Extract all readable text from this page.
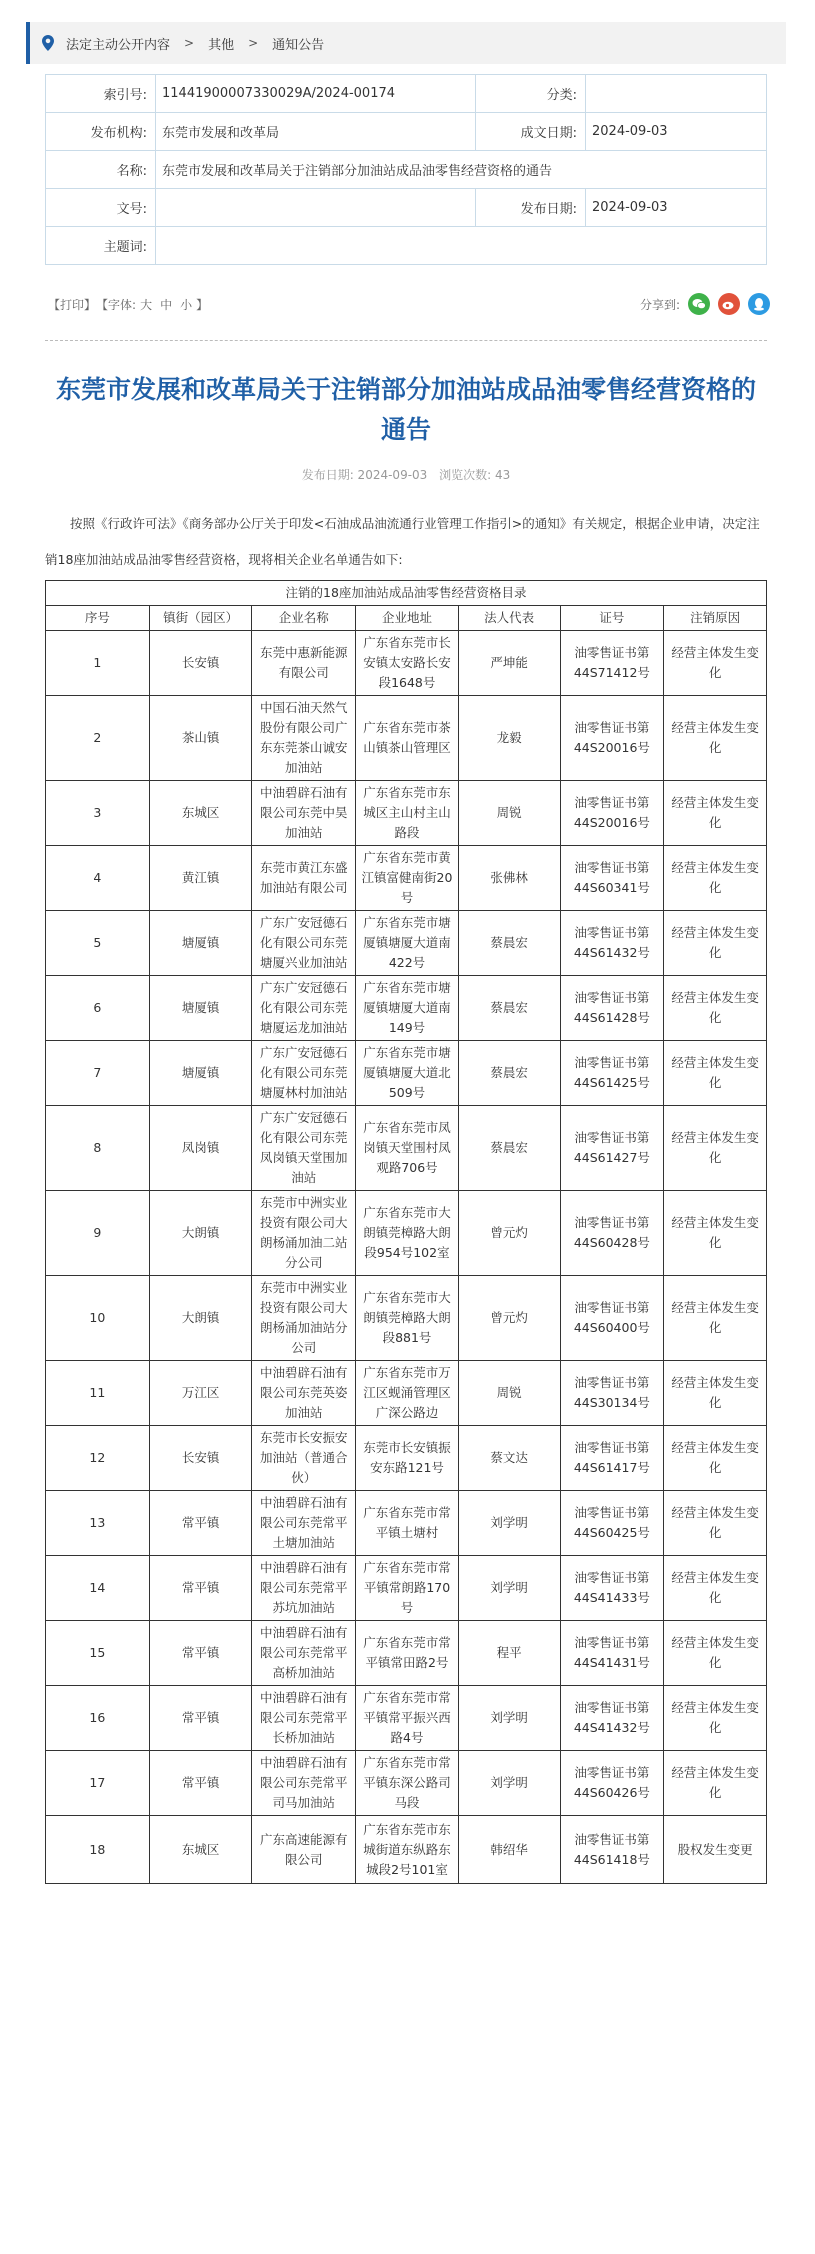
法定主动公开内容 > 其他 > 通知公告
索引号:	11441900007330029A/2024-00174	分类:	
发布机构:	东莞市发展和改革局	成文日期:	2024-09-03
名称:	东莞市发展和改革局关于注销部分加油站成品油零售经营资格的通告		
文号:		发布日期:	2024-09-03
主题词:			
【打印】 【字体: 大 中 小 】	分享到:
东莞市发展和改革局关于注销部分加油站成品油零售经营资格的通告
发布日期: 2024-09-03 浏览次数: 43
按照《行政许可法》《商务部办公厅关于印发<石油成品油流通行业管理工作指引>的通知》有关规定，根据企业申请，决定注销18座加油站成品油零售经营资格，现将相关企业名单通告如下:
注销的18座加油站成品油零售经营资格目录						
序号	镇街（园区）	企业名称	企业地址	法人代表	证号	注销原因
1	长安镇	东莞中惠新能源有限公司	广东省东莞市长安镇太安路长安段1648号	严坤能	油零售证书第44S71412号	经营主体发生变化
2	茶山镇	中国石油天然气股份有限公司广东东莞茶山诚安加油站	广东省东莞市茶山镇茶山管理区	龙毅	油零售证书第44S20016号	经营主体发生变化
3	东城区	中油碧辟石油有限公司东莞中昊加油站	广东省东莞市东城区主山村主山路段	周锐	油零售证书第44S20016号	经营主体发生变化
4	黄江镇	东莞市黄江东盛加油站有限公司	广东省东莞市黄江镇富健南街20号	张佛林	油零售证书第44S60341号	经营主体发生变化
5	塘厦镇	广东广安冠德石化有限公司东莞塘厦兴业加油站	广东省东莞市塘厦镇塘厦大道南422号	蔡晨宏	油零售证书第44S61432号	经营主体发生变化
6	塘厦镇	广东广安冠德石化有限公司东莞塘厦运龙加油站	广东省东莞市塘厦镇塘厦大道南149号	蔡晨宏	油零售证书第44S61428号	经营主体发生变化
7	塘厦镇	广东广安冠德石化有限公司东莞塘厦林村加油站	广东省东莞市塘厦镇塘厦大道北509号	蔡晨宏	油零售证书第44S61425号	经营主体发生变化
8	凤岗镇	广东广安冠德石化有限公司东莞凤岗镇天堂围加油站	广东省东莞市凤岗镇天堂围村凤观路706号	蔡晨宏	油零售证书第44S61427号	经营主体发生变化
9	大朗镇	东莞市中洲实业投资有限公司大朗杨涌加油二站分公司	广东省东莞市大朗镇莞樟路大朗段954号102室	曾元灼	油零售证书第44S60428号	经营主体发生变化
10	大朗镇	东莞市中洲实业投资有限公司大朗杨涌加油站分公司	广东省东莞市大朗镇莞樟路大朗段881号	曾元灼	油零售证书第44S60400号	经营主体发生变化
11	万江区	中油碧辟石油有限公司东莞英姿加油站	广东省东莞市万江区蚬涌管理区广深公路边	周锐	油零售证书第44S30134号	经营主体发生变化
12	长安镇	东莞市长安振安加油站（普通合伙）	东莞市长安镇振安东路121号	蔡文达	油零售证书第44S61417号	经营主体发生变化
13	常平镇	中油碧辟石油有限公司东莞常平土塘加油站	广东省东莞市常平镇土塘村	刘学明	油零售证书第44S60425号	经营主体发生变化
14	常平镇	中油碧辟石油有限公司东莞常平苏坑加油站	广东省东莞市常平镇常朗路170号	刘学明	油零售证书第44S41433号	经营主体发生变化
15	常平镇	中油碧辟石油有限公司东莞常平高桥加油站	广东省东莞市常平镇常田路2号	程平	油零售证书第44S41431号	经营主体发生变化
16	常平镇	中油碧辟石油有限公司东莞常平长桥加油站	广东省东莞市常平镇常平振兴西路4号	刘学明	油零售证书第44S41432号	经营主体发生变化
17	常平镇	中油碧辟石油有限公司东莞常平司马加油站	广东省东莞市常平镇东深公路司马段	刘学明	油零售证书第44S60426号	经营主体发生变化
18	东城区	广东高速能源有限公司	广东省东莞市东城街道东纵路东城段2号101室	韩绍华	油零售证书第44S61418号	股权发生变更
